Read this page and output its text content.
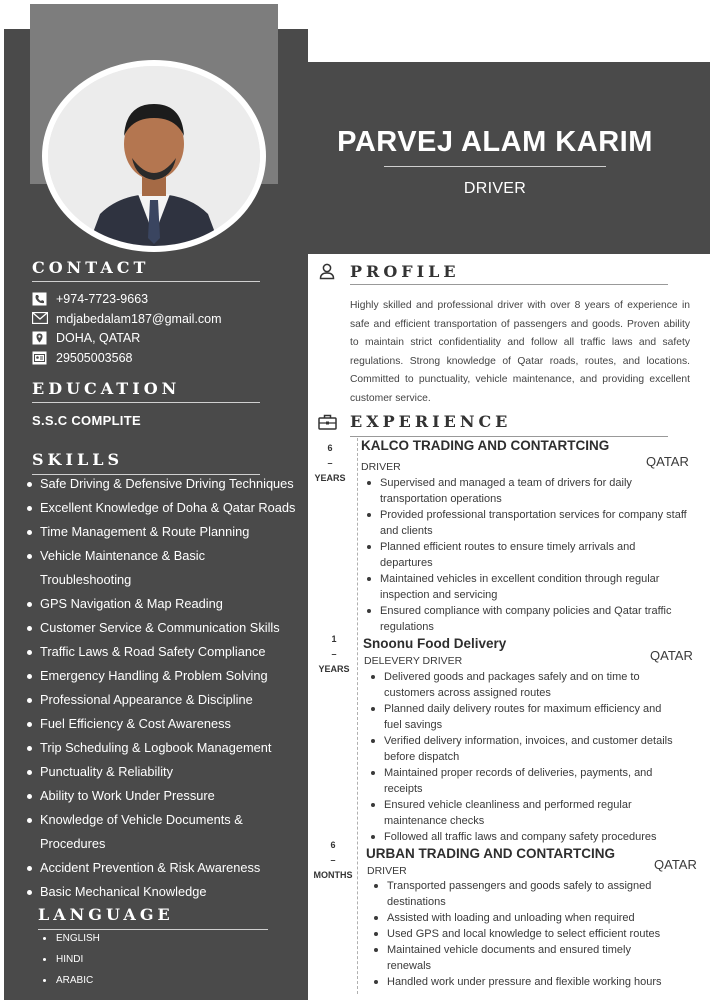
PARVEJ ALAM KARIM
DRIVER
CONTACT
+974-7723-9663
mdjabedalam187@gmail.com
DOHA, QATAR
29505003568
EDUCATION
S.S.C COMPLITE
SKILLS
Safe Driving & Defensive Driving Techniques
Excellent Knowledge of Doha & Qatar Roads
Time Management & Route Planning
Vehicle Maintenance & Basic Troubleshooting
GPS Navigation & Map Reading
Customer Service & Communication Skills
Traffic Laws & Road Safety Compliance
Emergency Handling & Problem Solving
Professional Appearance & Discipline
Fuel Efficiency & Cost Awareness
Trip Scheduling & Logbook Management
Punctuality & Reliability
Ability to Work Under Pressure
Knowledge of Vehicle Documents & Procedures
Accident Prevention & Risk Awareness
Basic Mechanical Knowledge
LANGUAGE
ENGLISH
HINDI
ARABIC
PROFILE
Highly skilled and professional driver with over 8 years of experience in safe and efficient transportation of passengers and goods. Proven ability to maintain strict confidentiality and follow all traffic laws and safety regulations. Strong knowledge of Qatar roads, routes, and locations. Committed to punctuality, vehicle maintenance, and providing excellent customer service.
EXPERIENCE
6
–
YEARS
KALCO TRADING AND CONTARTCING
DRIVER	QATAR
Supervised and managed a team of drivers for daily transportation operations
Provided professional transportation services for company staff and clients
Planned efficient routes to ensure timely arrivals and departures
Maintained vehicles in excellent condition through regular inspection and servicing
Ensured compliance with company policies and Qatar traffic regulations
1
–
YEARS
Snoonu Food Delivery
DELEVERY DRIVER	QATAR
Delivered goods and packages safely and on time to customers across assigned routes
Planned daily delivery routes for maximum efficiency and fuel savings
Verified delivery information, invoices, and customer details before dispatch
Maintained proper records of deliveries, payments, and receipts
Ensured vehicle cleanliness and performed regular maintenance checks
Followed all traffic laws and company safety procedures
6
–
MONTHS
URBAN TRADING AND CONTARTCING
DRIVER	QATAR
Transported passengers and goods safely to assigned destinations
Assisted with loading and unloading when required
Used GPS and local knowledge to select efficient routes
Maintained vehicle documents and ensured timely renewals
Handled work under pressure and flexible working hours
